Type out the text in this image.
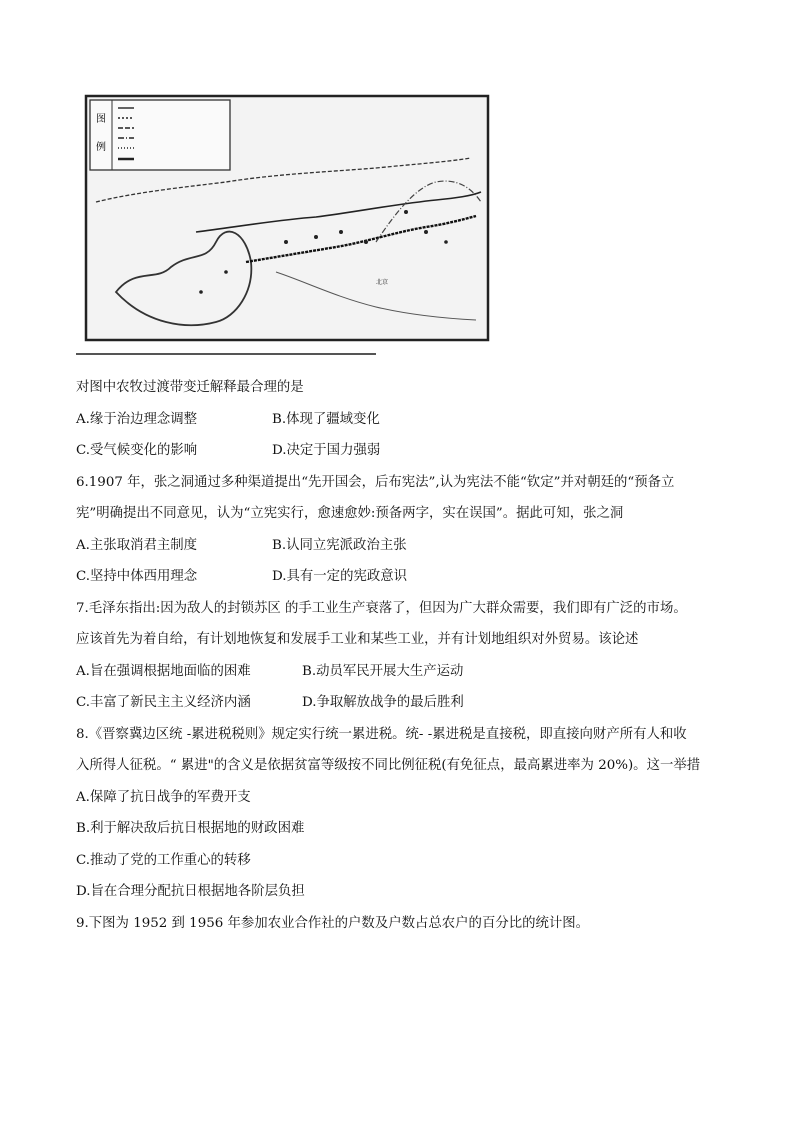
图
例
北京
对图中农牧过渡带变迁解释最合理的是
A.缘于治边理念调整	B.体现了疆域变化
C.受气候变化的影响	D.决定于国力强弱
6.1907 年，张之洞通过多种渠道提出“先开国会，后布宪法”,认为宪法不能“钦定”并对朝廷的“预备立
宪”明确提出不同意见，认为“立宪实行，愈速愈妙:预备两字，实在误国”。据此可知，张之洞
A.主张取消君主制度	B.认同立宪派政治主张
C.坚持中体西用理念	D.具有一定的宪政意识
7.毛泽东指出:因为敌人的封锁苏区 的手工业生产衰落了，但因为广大群众需要，我们即有广泛的市场。
应该首先为着自给，有计划地恢复和发展手工业和某些工业，并有计划地组织对外贸易。该论述
A.旨在强调根据地面临的困难	B.动员军民开展大生产运动
C.丰富了新民主主义经济内涵	D.争取解放战争的最后胜利
8.《晋察冀边区统 -累进税税则》规定实行统一累进税。统- -累进税是直接税，即直接向财产所有人和收
入所得人征税。“ 累进"的含义是依据贫富等级按不同比例征税(有免征点，最高累进率为 20%)。这一举措
A.保障了抗日战争的军费开支
B.利于解决敌后抗日根据地的财政困难
C.推动了党的工作重心的转移
D.旨在合理分配抗日根据地各阶层负担
9.下图为 1952 到 1956 年参加农业合作社的户数及户数占总农户的百分比的统计图。
